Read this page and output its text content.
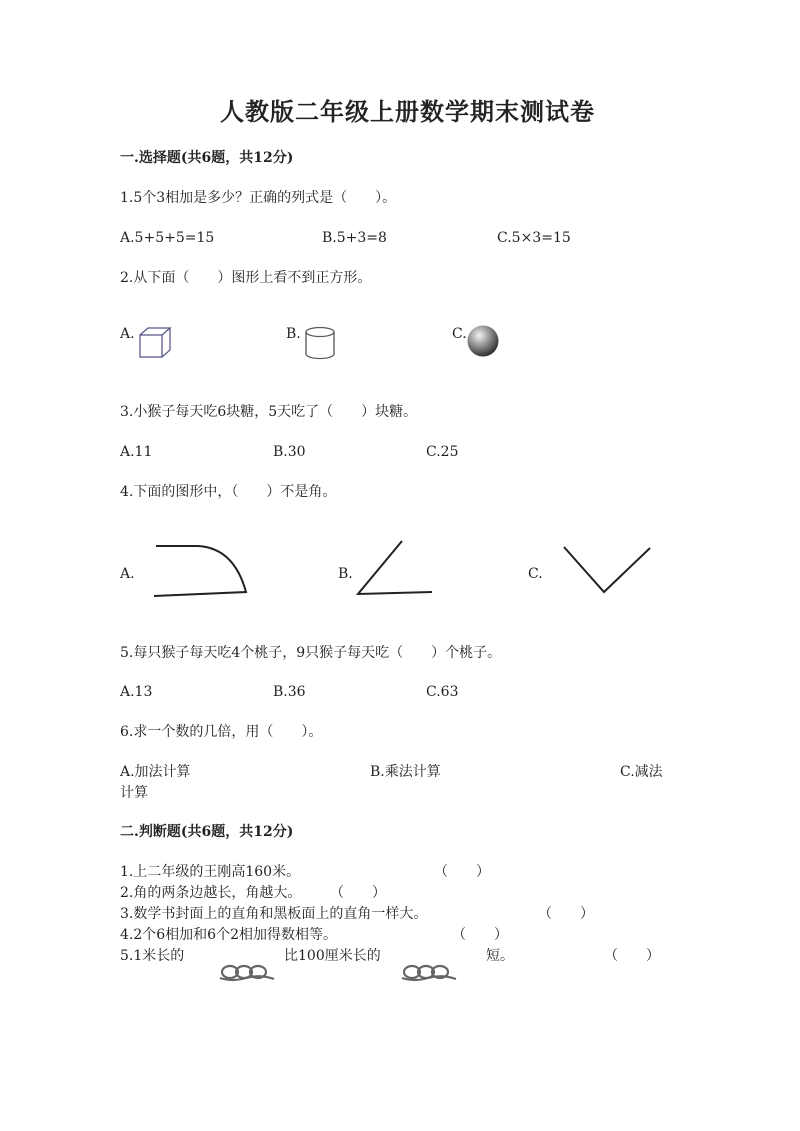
人教版二年级上册数学期末测试卷
一.选择题(共6题，共12分)
1.5个3相加是多少？正确的列式是（　　）。
A.5+5+5=15	B.5+3=8	C.5×3=15
2.从下面（　　）图形上看不到正方形。
A.	B.	C.
3.小猴子每天吃6块糖，5天吃了（　　）块糖。
A.11	B.30	C.25
4.下面的图形中，（　　）不是角。
A.	B.	C.
5.每只猴子每天吃4个桃子，9只猴子每天吃（　　）个桃子。
A.13	B.36	C.63
6.求一个数的几倍，用（　　）。
A.加法计算	B.乘法计算	C.减法
计算
二.判断题(共6题，共12分)
1.上二年级的王刚高160米。	（　　）
2.角的两条边越长，角越大。 （　　）
3.数学书封面上的直角和黑板面上的直角一样大。	（　　）
4.2个6相加和6个2相加得数相等。	（　　）
5.1米长的	比100厘米长的	短。	（　　）
